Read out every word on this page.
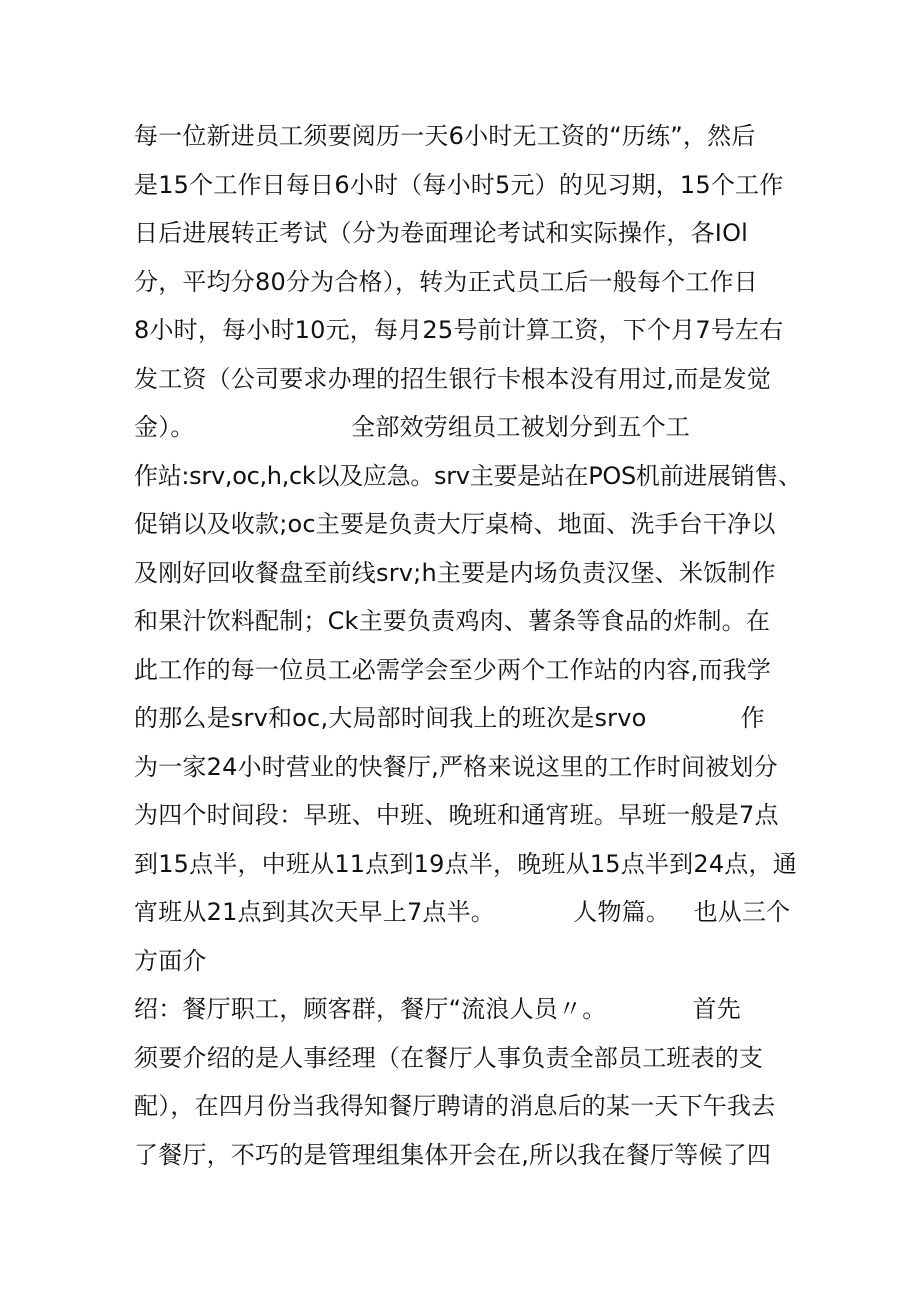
每一位新进员工须要阅历一天6小时无工资的“历练”，然后
是15个工作日每日6小时（每小时5元）的见习期，15个工作
日后进展转正考试（分为卷面理论考试和实际操作，各IOl
分，平均分80分为合格），转为正式员工后一般每个工作日
8小时，每小时10元，每月25号前计算工资，下个月7号左右
发工资（公司要求办理的招生银行卡根本没有用过,而是发觉
金）。                    全部效劳组员工被划分到五个工
作站:srv,oc,h,ck以及应急。srv主要是站在POS机前进展销售、
促销以及收款;oc主要是负责大厅桌椅、地面、洗手台干净以
及刚好回收餐盘至前线srv;h主要是内场负责汉堡、米饭制作
和果汁饮料配制；Ck主要负责鸡肉、薯条等食品的炸制。在
此工作的每一位员工必需学会至少两个工作站的内容,而我学
的那么是srv和oc,大局部时间我上的班次是srvo            作
为一家24小时营业的快餐厅,严格来说这里的工作时间被划分
为四个时间段：早班、中班、晚班和通宵班。早班一般是7点
到15点半，中班从11点到19点半，晚班从15点半到24点，通
宵班从21点到其次天早上7点半。          人物篇。   也从三个
方面介
绍：餐厅职工，顾客群，餐厅“流浪人员〃。           首先
须要介绍的是人事经理（在餐厅人事负责全部员工班表的支
配），在四月份当我得知餐厅聘请的消息后的某一天下午我去
了餐厅，不巧的是管理组集体开会在,所以我在餐厅等候了四
